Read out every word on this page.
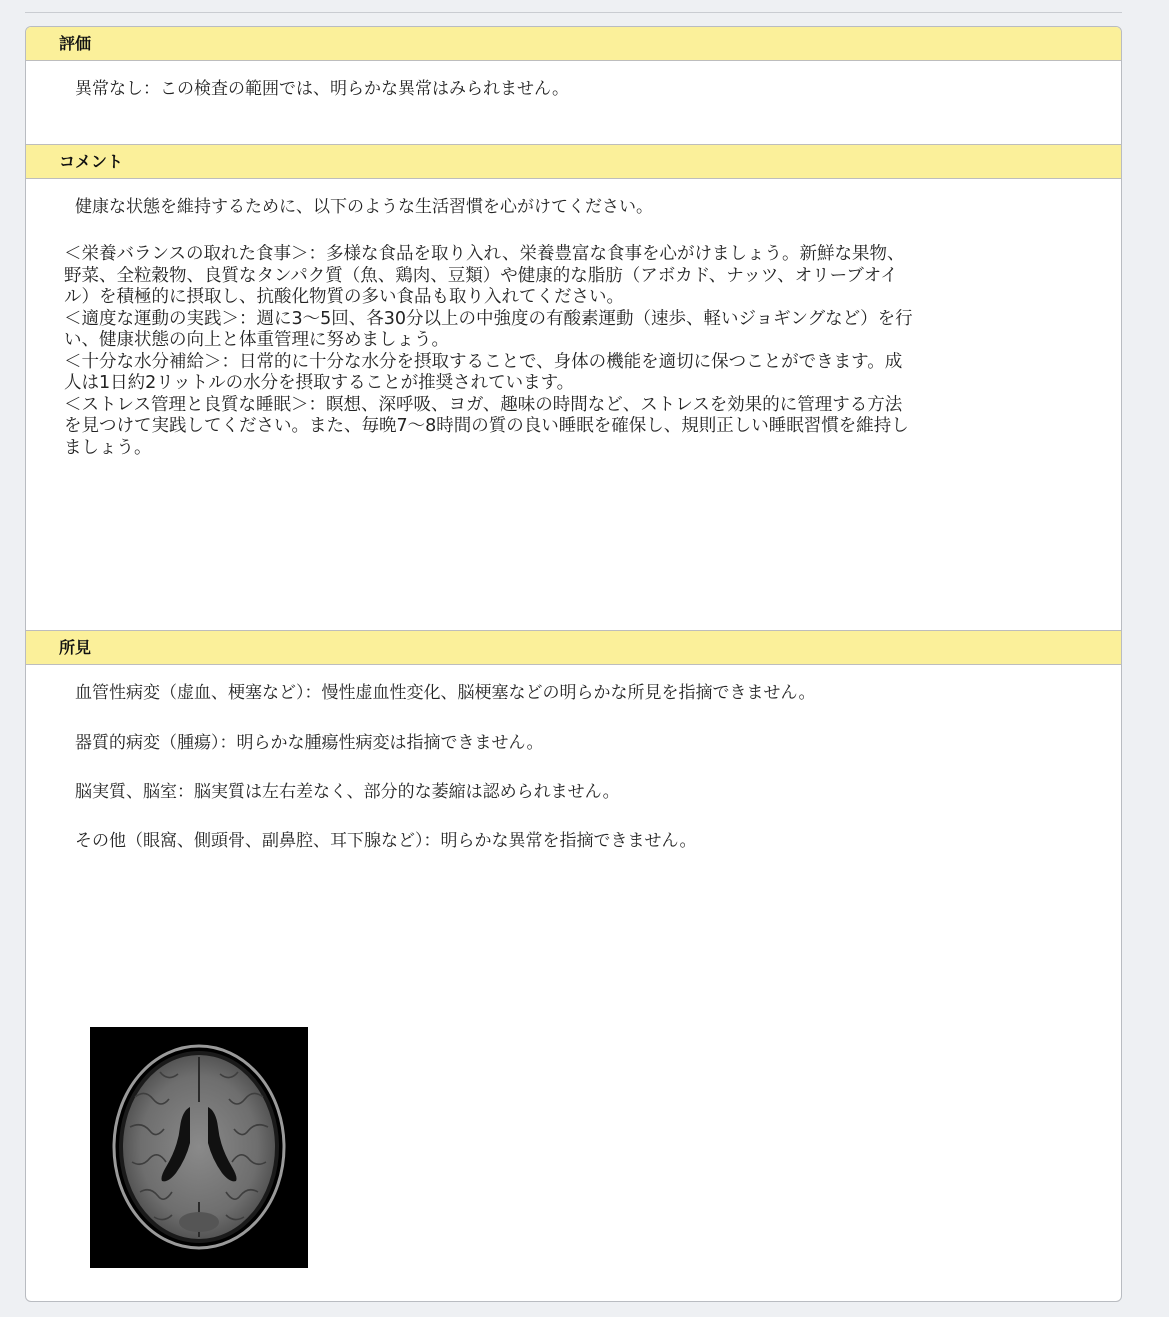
評価
異常なし：この検査の範囲では、明らかな異常はみられません。
コメント
健康な状態を維持するために、以下のような生活習慣を心がけてください。

＜栄養バランスの取れた食事＞：多様な食品を取り入れ、栄養豊富な食事を心がけましょう。新鮮な果物、
野菜、全粒穀物、良質なタンパク質（魚、鶏肉、豆類）や健康的な脂肪（アボカド、ナッツ、オリーブオイ
ル）を積極的に摂取し、抗酸化物質の多い食品も取り入れてください。

＜適度な運動の実践＞：週に3〜5回、各30分以上の中強度の有酸素運動（速歩、軽いジョギングなど）を行
い、健康状態の向上と体重管理に努めましょう。

＜十分な水分補給＞：日常的に十分な水分を摂取することで、身体の機能を適切に保つことができます。成
人は1日約2リットルの水分を摂取することが推奨されています。

＜ストレス管理と良質な睡眠＞：瞑想、深呼吸、ヨガ、趣味の時間など、ストレスを効果的に管理する方法
を見つけて実践してください。また、毎晩7〜8時間の質の良い睡眠を確保し、規則正しい睡眠習慣を維持し
ましょう。

所見
血管性病変（虚血、梗塞など）：慢性虚血性変化、脳梗塞などの明らかな所見を指摘できません。
器質的病変（腫瘍）：明らかな腫瘍性病変は指摘できません。
脳実質、脳室：脳実質は左右差なく、部分的な萎縮は認められません。
その他（眼窩、側頭骨、副鼻腔、耳下腺など）：明らかな異常を指摘できません。
